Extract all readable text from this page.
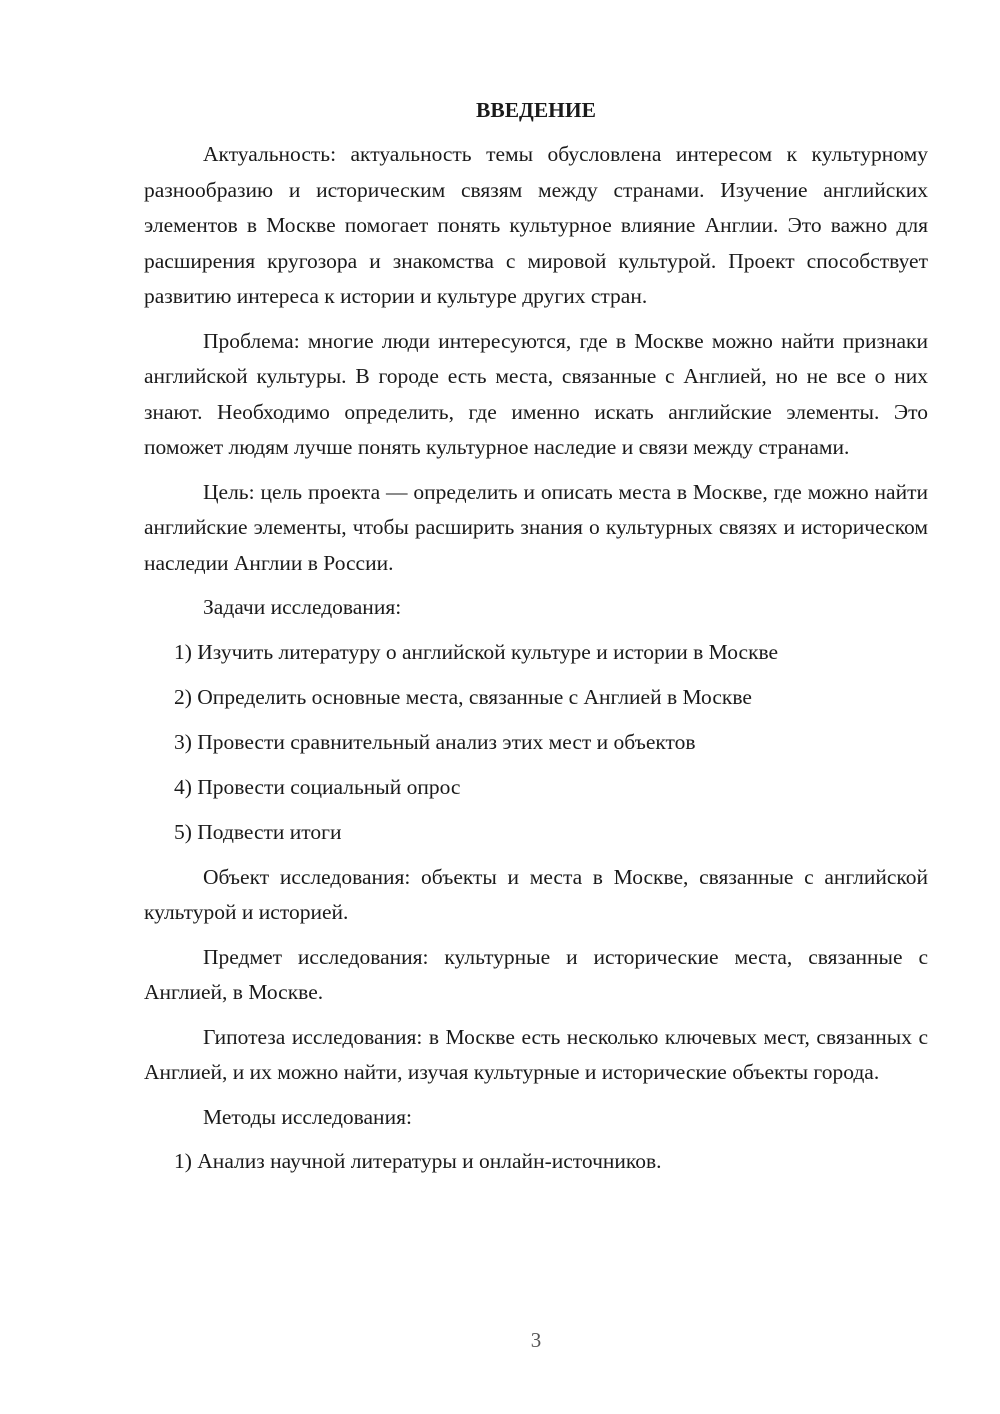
ВВЕДЕНИЕ

Актуальность: актуальность темы обусловлена интересом к культурному разнообразию и историческим связям между странами. Изучение английских элементов в Москве помогает понять культурное влияние Англии. Это важно для расширения кругозора и знакомства с мировой культурой. Проект способствует развитию интереса к истории и культуре других стран.

Проблема: многие люди интересуются, где в Москве можно найти признаки английской культуры. В городе есть места, связанные с Англией, но не все о них знают. Необходимо определить, где именно искать английские элементы. Это поможет людям лучше понять культурное наследие и связи между странами.

Цель: цель проекта — определить и описать места в Москве, где можно найти английские элементы, чтобы расширить знания о культурных связях и историческом наследии Англии в России.

Задачи исследования:

1) Изучить литературу о английской культуре и истории в Москве
2) Определить основные места, связанные с Англией в Москве
3) Провести сравнительный анализ этих мест и объектов
4) Провести социальный опрос
5) Подвести итоги

Объект исследования: объекты и места в Москве, связанные с английской культурой и историей.

Предмет исследования: культурные и исторические места, связанные с Англией, в Москве.

Гипотеза исследования: в Москве есть несколько ключевых мест, связанных с Англией, и их можно найти, изучая культурные и исторические объекты города.

Методы исследования:

1) Анализ научной литературы и онлайн-источников.
3
